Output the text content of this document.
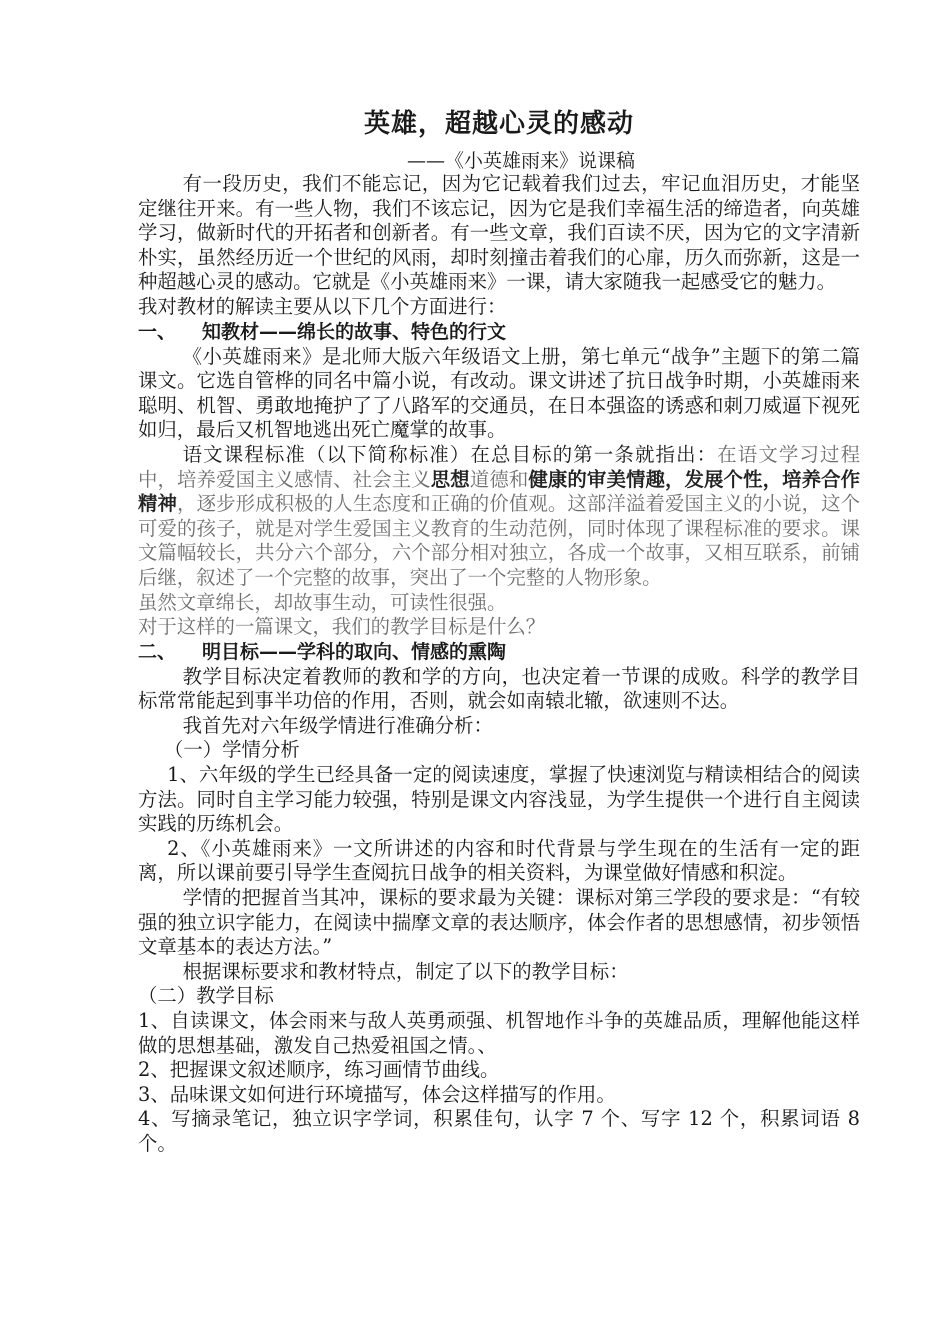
英雄，超越心灵的感动
——《小英雄雨来》说课稿

有一段历史，我们不能忘记，因为它记载着我们过去，牢记血泪历史，才能坚定继往开来。有一些人物，我们不该忘记，因为它是我们幸福生活的缔造者，向英雄学习，做新时代的开拓者和创新者。有一些文章，我们百读不厌，因为它的文字清新朴实，虽然经历近一个世纪的风雨，却时刻撞击着我们的心扉，历久而弥新，这是一种超越心灵的感动。它就是《小英雄雨来》一课，请大家随我一起感受它的魅力。

我对教材的解读主要从以下几个方面进行：

一、	知教材——绵长的故事、特色的行文

《小英雄雨来》是北师大版六年级语文上册，第七单元“战争”主题下的第二篇课文。它选自管桦的同名中篇小说，有改动。课文讲述了抗日战争时期，小英雄雨来聪明、机智、勇敢地掩护了了八路军的交通员，在日本强盗的诱惑和刺刀威逼下视死如归，最后又机智地逃出死亡魔掌的故事。

语文课程标准（以下简称标准）在总目标的第一条就指出：在语文学习过程中，培养爱国主义感情、社会主义思想道德和健康的审美情趣，发展个性，培养合作精神，逐步形成积极的人生态度和正确的价值观。这部洋溢着爱国主义的小说，这个可爱的孩子，就是对学生爱国主义教育的生动范例，同时体现了课程标准的要求。课文篇幅较长，共分六个部分，六个部分相对独立，各成一个故事，又相互联系，前铺后继，叙述了一个完整的故事，突出了一个完整的人物形象。

虽然文章绵长，却故事生动，可读性很强。

对于这样的一篇课文，我们的教学目标是什么？

二、	明目标——学科的取向、情感的熏陶

教学目标决定着教师的教和学的方向，也决定着一节课的成败。科学的教学目标常常能起到事半功倍的作用，否则，就会如南辕北辙，欲速则不达。

我首先对六年级学情进行准确分析：

（一）学情分析

1、六年级的学生已经具备一定的阅读速度，掌握了快速浏览与精读相结合的阅读方法。同时自主学习能力较强，特别是课文内容浅显，为学生提供一个进行自主阅读实践的历练机会。

2、《小英雄雨来》一文所讲述的内容和时代背景与学生现在的生活有一定的距离，所以课前要引导学生查阅抗日战争的相关资料，为课堂做好情感和积淀。

学情的把握首当其冲，课标的要求最为关键：课标对第三学段的要求是：“有较强的独立识字能力，在阅读中揣摩文章的表达顺序，体会作者的思想感情，初步领悟文章基本的表达方法。”

根据课标要求和教材特点，制定了以下的教学目标：

（二）教学目标

1、自读课文，体会雨来与敌人英勇顽强、机智地作斗争的英雄品质，理解他能这样做的思想基础，激发自己热爱祖国之情。、

2、把握课文叙述顺序，练习画情节曲线。

3、品味课文如何进行环境描写，体会这样描写的作用。

4、写摘录笔记，独立识字学词，积累佳句，认字 7 个、写字 12 个，积累词语 8 个。
